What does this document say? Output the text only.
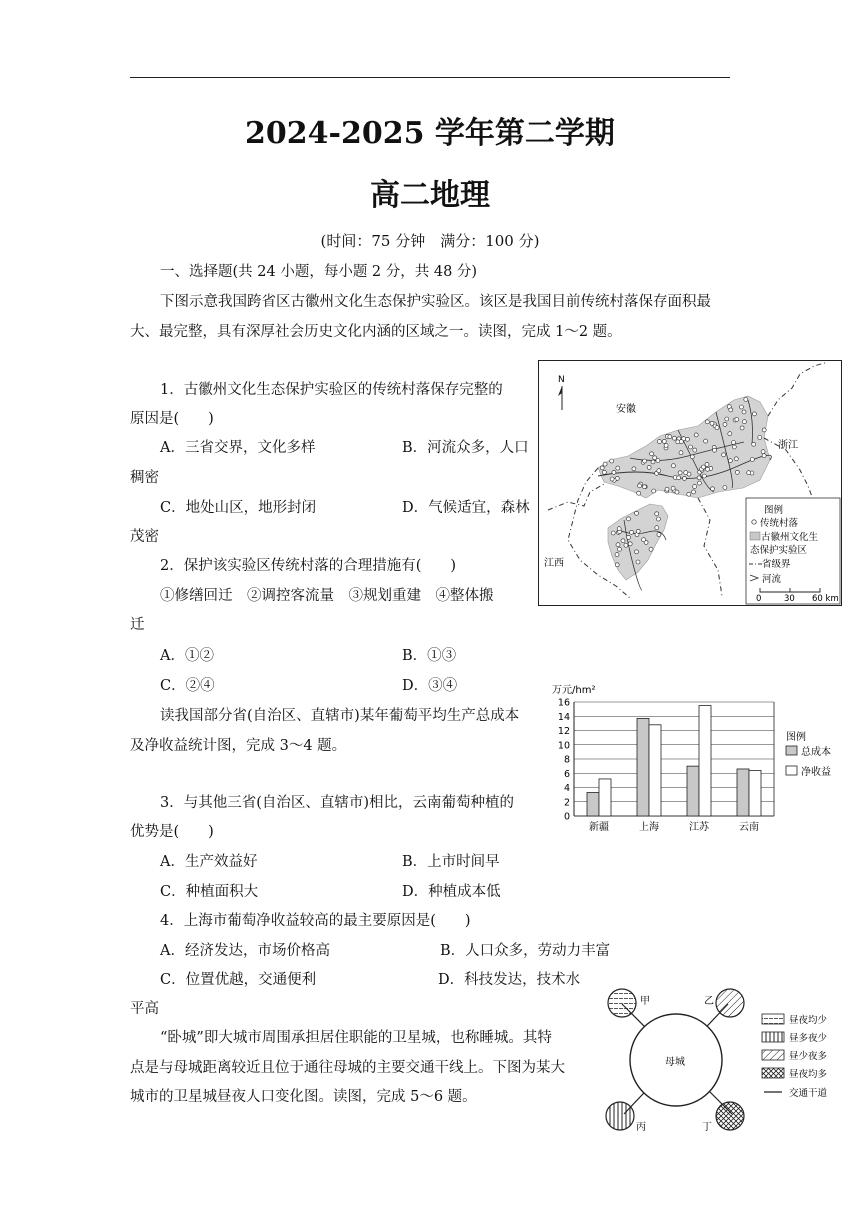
2024-2025 学年第二学期
高二地理
(时间：75 分钟　满分：100 分)
一、选择题(共 24 小题，每小题 2 分，共 48 分)
下图示意我国跨省区古徽州文化生态保护实验区。该区是我国目前传统村落保存面积最
大、最完整，具有深厚社会历史文化内涵的区域之一。读图，完成 1～2 题。
1．古徽州文化生态保护实验区的传统村落保存完整的
原因是(　　)
A．三省交界，文化多样	B．河流众多，人口
稠密
C．地处山区，地形封闭	D．气候适宜，森林
茂密
2．保护该实验区传统村落的合理措施有(　　)
①修缮回迁　②调控客流量　③规划重建　④整体搬
迁
A．①②	B．①③
C．②④	D．③④
读我国部分省(自治区、直辖市)某年葡萄平均生产总成本
及净收益统计图，完成 3～4 题。
3．与其他三省(自治区、直辖市)相比，云南葡萄种植的
优势是(　　)
A．生产效益好	B．上市时间早
C．种植面积大	D．种植成本低
4．上海市葡萄净收益较高的最主要原因是(　　)
A．经济发达，市场价格高	B．人口众多，劳动力丰富
C．位置优越，交通便利	D．科技发达，技术水
平高
“卧城”即大城市周围承担居住职能的卫星城，也称睡城。其特
点是与母城距离较近且位于通往母城的主要交通干线上。下图为某大
城市的卫星城昼夜人口变化图。读图，完成 5～6 题。
N
安徽
浙江
江西
图例
传统村落
古徽州文化生
态保护实验区
省级界
河流
0	30 60 km
万元/hm²
0
2
4
6
8
10
12
14
16
新疆	上海	江苏	云南
图例
总成本
净收益
母城
甲	乙
丙	丁
昼夜均少
昼多夜少
昼少夜多
昼夜均多
交通干道
